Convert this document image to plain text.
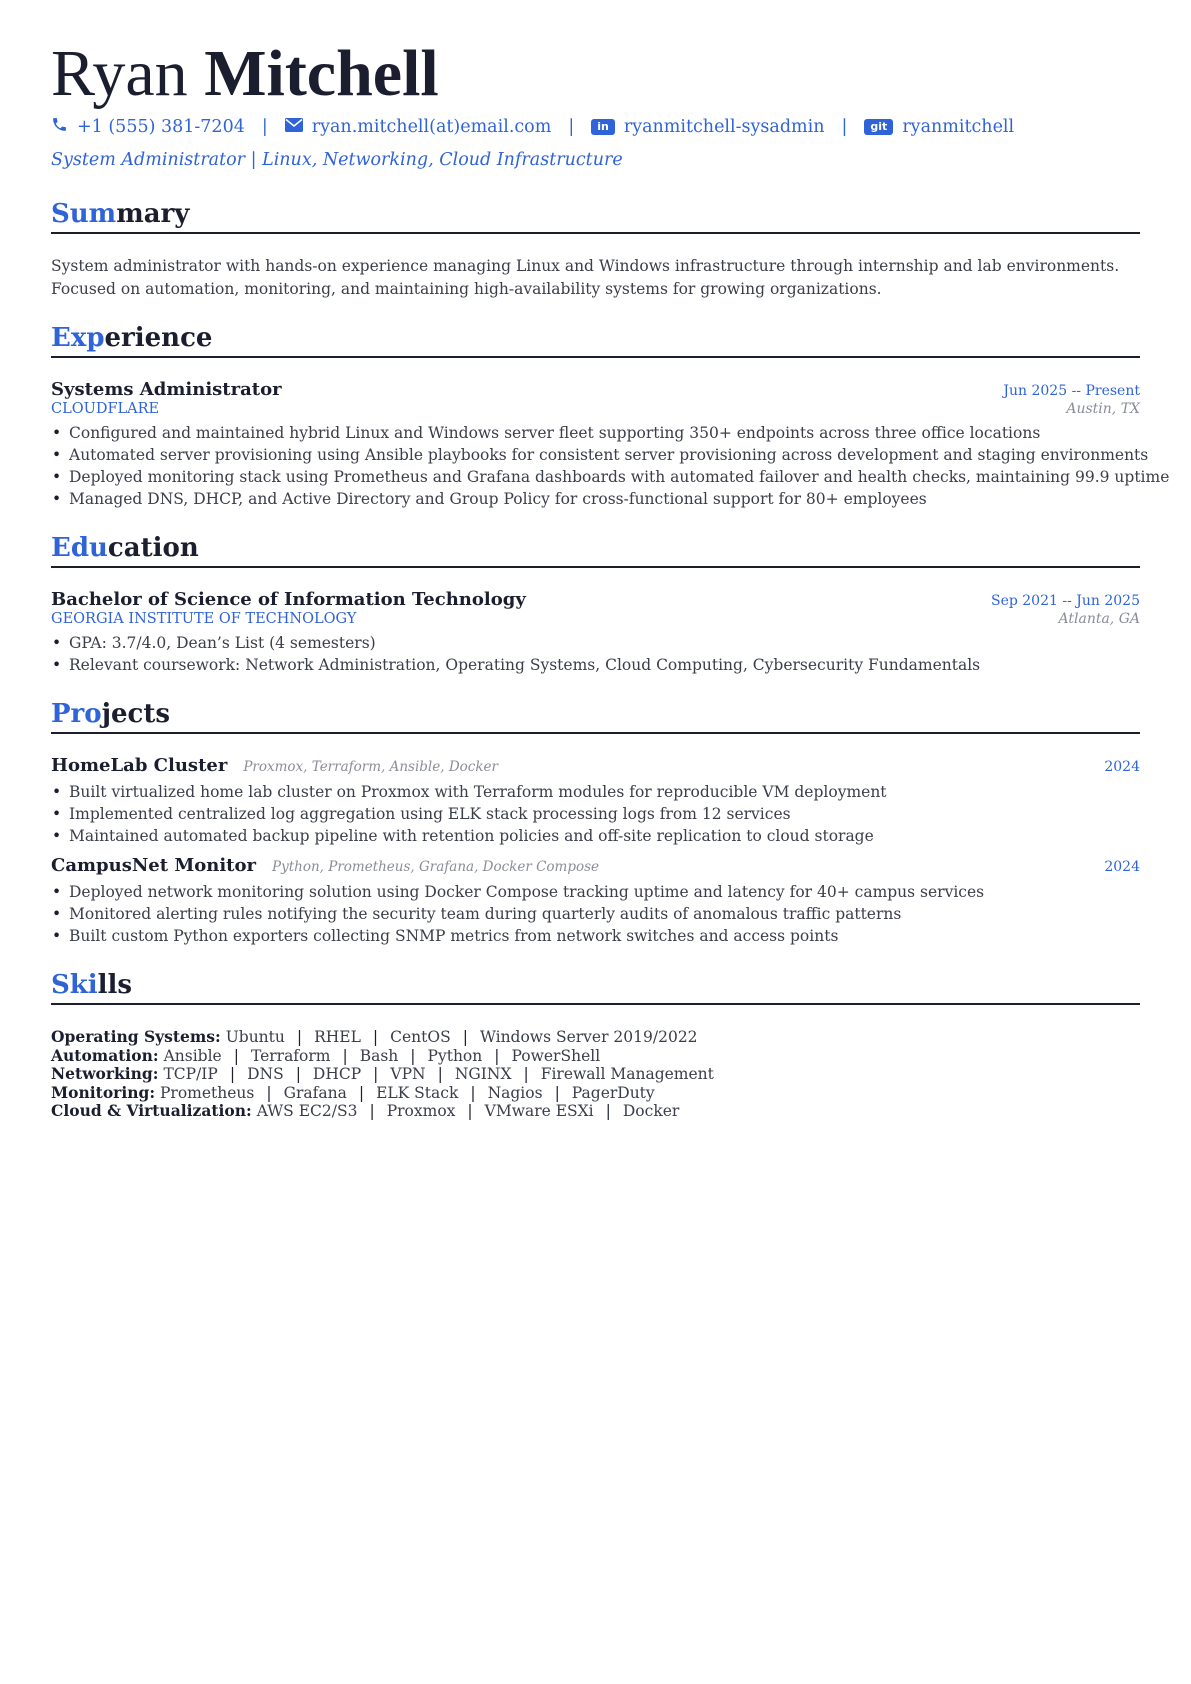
Ryan Mitchell
+1 (555) 381-7204 |	ryan.mitchell(at)email.com |	in ryanmitchell-sysadmin |	git ryanmitchell
System Administrator | Linux, Networking, Cloud Infrastructure
Summary
System administrator with hands-on experience managing Linux and Windows infrastructure through internship and lab environments. Focused on automation, monitoring, and maintaining high-availability systems for growing organizations.
Experience
Systems Administrator	Jun 2025 -- Present
CLOUDFLARE	Austin, TX
• Configured and maintained hybrid Linux and Windows server fleet supporting 350+ endpoints across three office locations
• Automated server provisioning using Ansible playbooks for consistent server provisioning across development and staging environments
• Deployed monitoring stack using Prometheus and Grafana dashboards with automated failover and health checks, maintaining 99.9 uptime
• Managed DNS, DHCP, and Active Directory and Group Policy for cross-functional support for 80+ employees
Education
Bachelor of Science of Information Technology	Sep 2021 -- Jun 2025
GEORGIA INSTITUTE OF TECHNOLOGY	Atlanta, GA
• GPA: 3.7/4.0, Dean’s List (4 semesters)
• Relevant coursework: Network Administration, Operating Systems, Cloud Computing, Cybersecurity Fundamentals
Projects
HomeLab Cluster Proxmox, Terraform, Ansible, Docker	2024
• Built virtualized home lab cluster on Proxmox with Terraform modules for reproducible VM deployment
• Implemented centralized log aggregation using ELK stack processing logs from 12 services
• Maintained automated backup pipeline with retention policies and off-site replication to cloud storage
CampusNet Monitor Python, Prometheus, Grafana, Docker Compose	2024
• Deployed network monitoring solution using Docker Compose tracking uptime and latency for 40+ campus services
• Monitored alerting rules notifying the security team during quarterly audits of anomalous traffic patterns
• Built custom Python exporters collecting SNMP metrics from network switches and access points
Skills
Operating Systems: Ubuntu | RHEL | CentOS | Windows Server 2019/2022
Automation: Ansible | Terraform | Bash | Python | PowerShell
Networking: TCP/IP | DNS | DHCP | VPN | NGINX | Firewall Management
Monitoring: Prometheus | Grafana | ELK Stack | Nagios | PagerDuty
Cloud & Virtualization: AWS EC2/S3 | Proxmox | VMware ESXi | Docker
